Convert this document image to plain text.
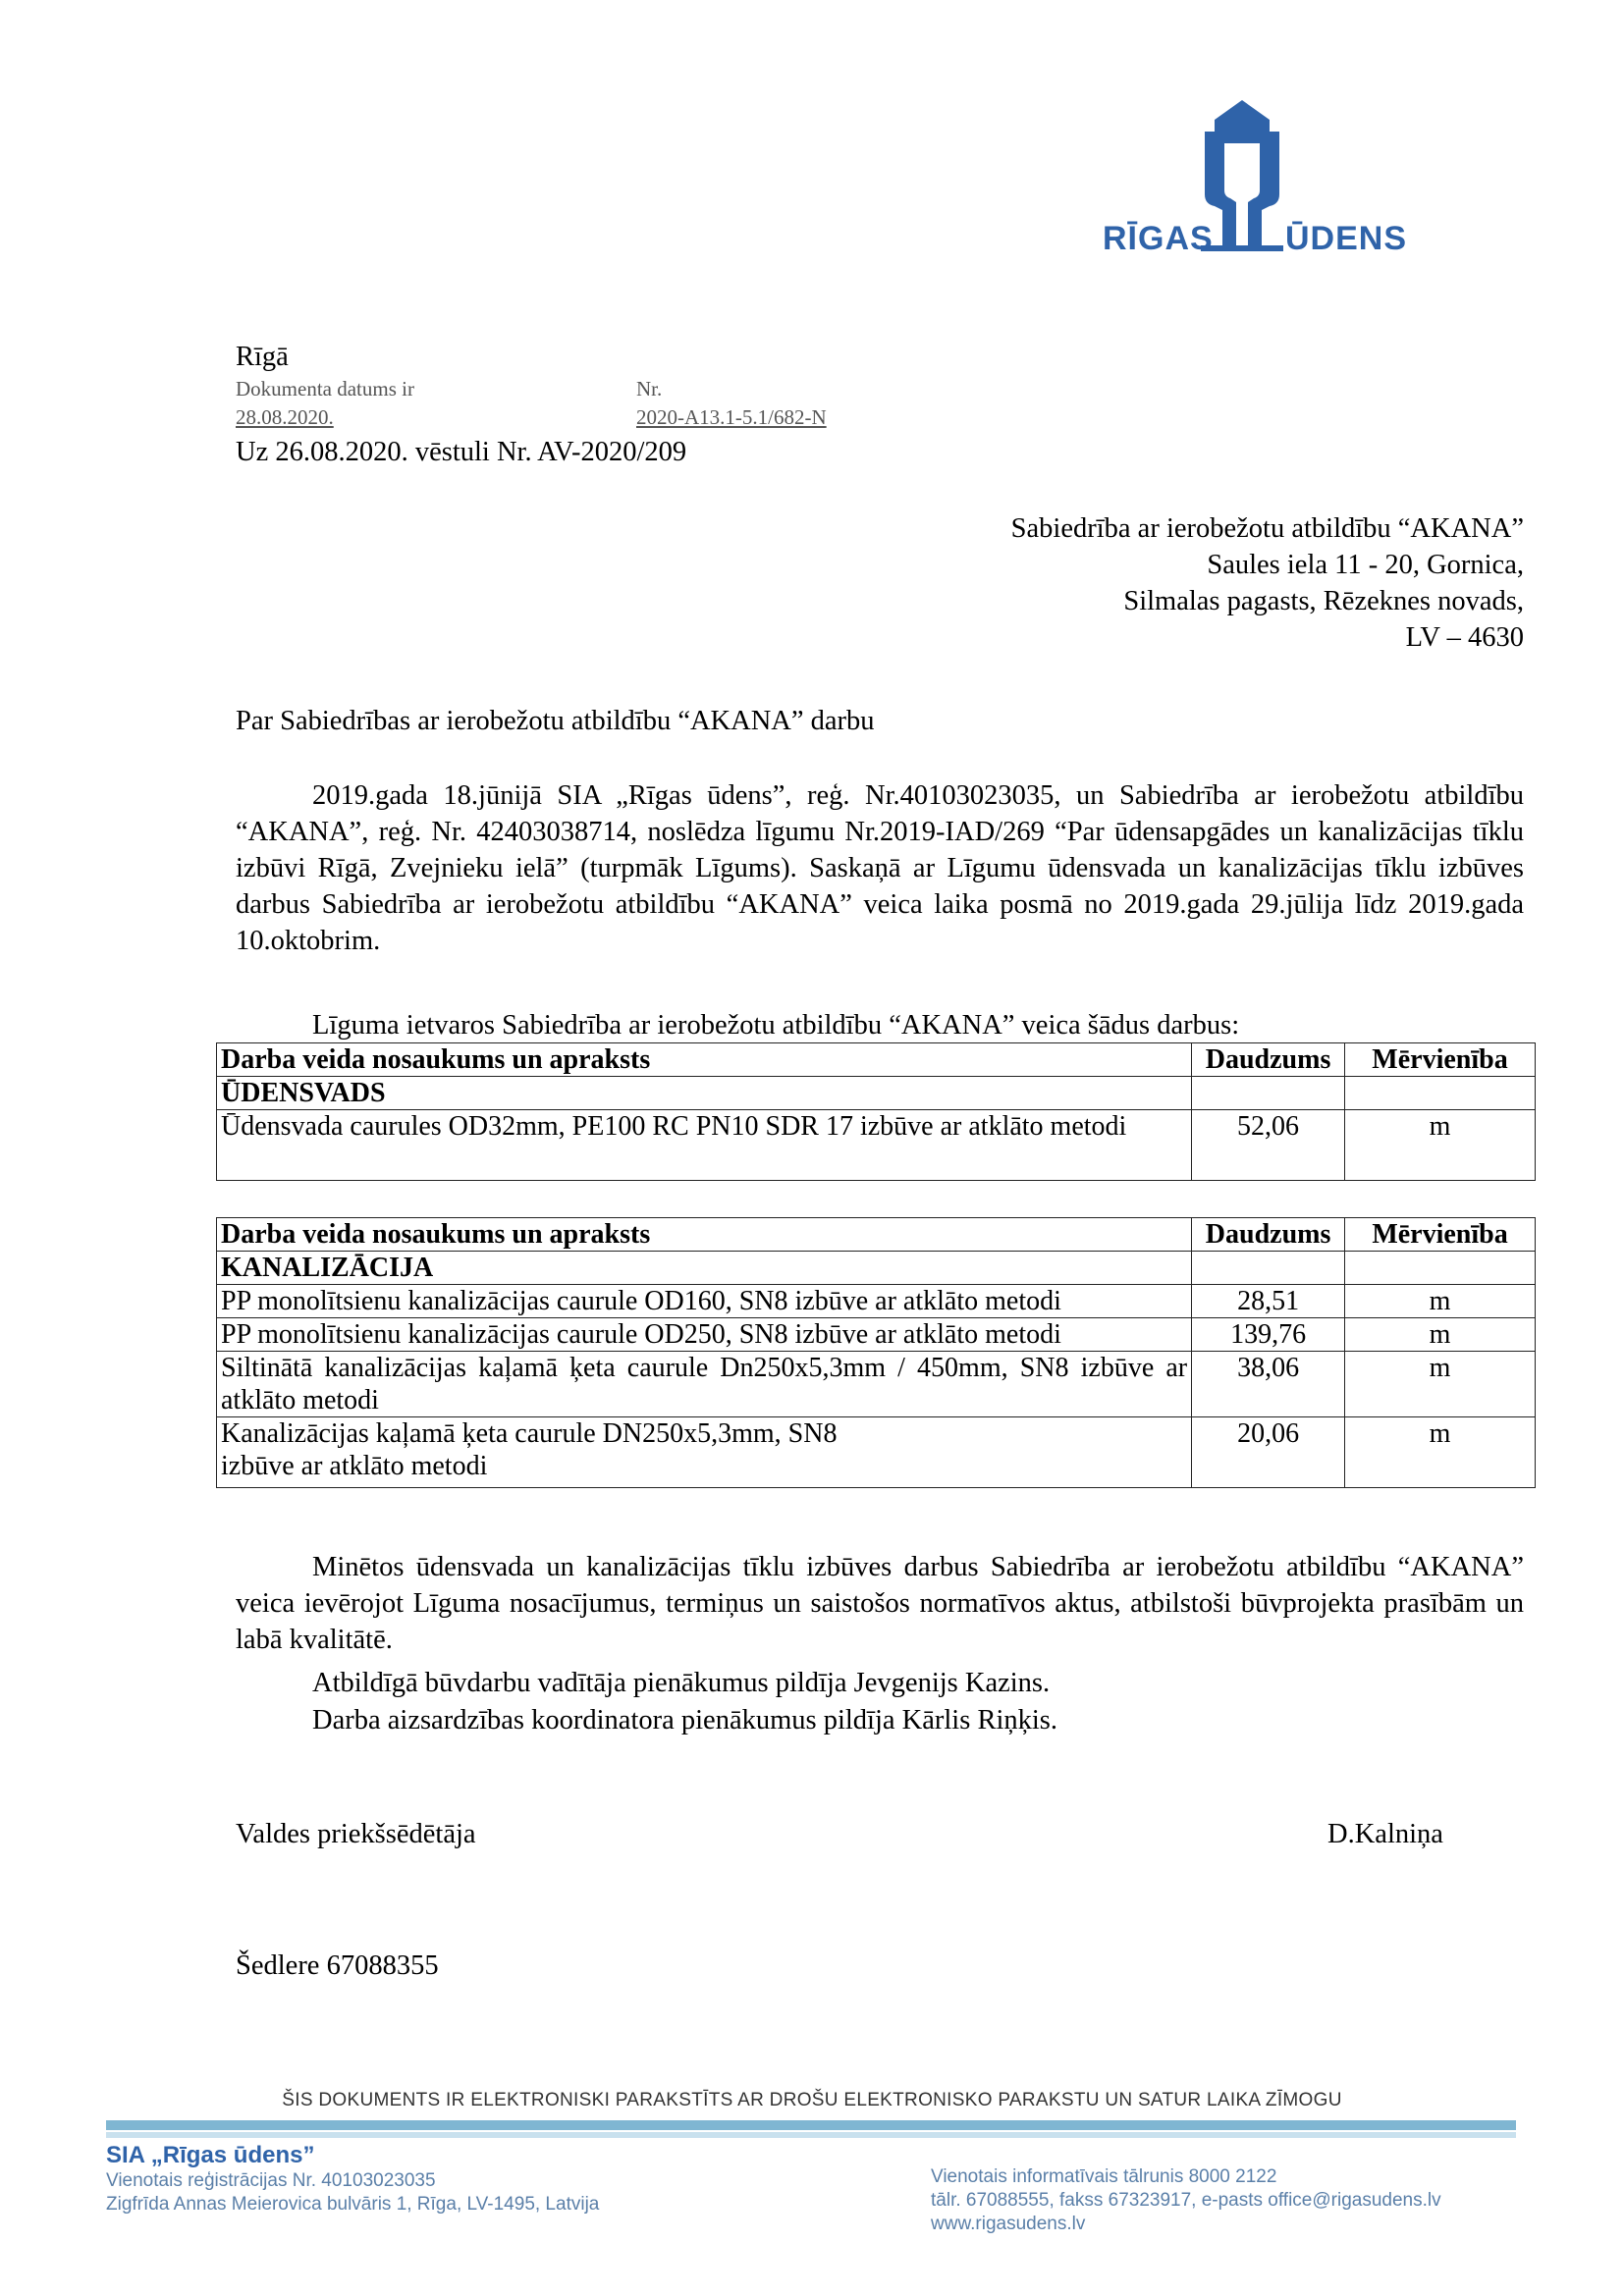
RĪGAS ŪDENS
Rīgā
Dokumenta datums ir
28.08.2020.
Nr.
2020-A13.1-5.1/682-N
Uz 26.08.2020. vēstuli Nr. AV-2020/209
Sabiedrība ar ierobežotu atbildību “AKANA”
Saules iela 11 - 20, Gornica,
Silmalas pagasts, Rēzeknes novads,
LV – 4630
Par Sabiedrības ar ierobežotu atbildību “AKANA” darbu
2019.gada 18.jūnijā SIA „Rīgas ūdens”, reģ. Nr.40103023035, un Sabiedrība ar ierobežotu atbildību “AKANA”, reģ. Nr. 42403038714, noslēdza līgumu Nr.2019-IAD/269 “Par ūdensapgādes un kanalizācijas tīklu izbūvi Rīgā, Zvejnieku ielā” (turpmāk Līgums). Saskaņā ar Līgumu ūdensvada un kanalizācijas tīklu izbūves darbus Sabiedrība ar ierobežotu atbildību “AKANA” veica laika posmā no 2019.gada 29.jūlija līdz 2019.gada 10.oktobrim.
Līguma ietvaros Sabiedrība ar ierobežotu atbildību “AKANA” veica šādus darbus:
Darba veida nosaukums un apraksts	Daudzums	Mērvienība
ŪDENSVADS		
Ūdensvada caurules OD32mm, PE100 RC PN10 SDR 17 izbūve ar atklāto metodi	52,06	m
Darba veida nosaukums un apraksts	Daudzums	Mērvienība
KANALIZĀCIJA		
PP monolītsienu kanalizācijas caurule OD160, SN8 izbūve ar atklāto metodi	28,51	m
PP monolītsienu kanalizācijas caurule OD250, SN8 izbūve ar atklāto metodi	139,76	m
Siltinātā kanalizācijas kaļamā ķeta caurule Dn250x5,3mm / 450mm, SN8 izbūve ar atklāto metodi	38,06	m
Kanalizācijas kaļamā ķeta caurule DN250x5,3mm, SN8 izbūve ar atklāto metodi	20,06	m
Minētos ūdensvada un kanalizācijas tīklu izbūves darbus Sabiedrība ar ierobežotu atbildību “AKANA” veica ievērojot Līguma nosacījumus, termiņus un saistošos normatīvos aktus, atbilstoši būvprojekta prasībām un labā kvalitātē.
Atbildīgā būvdarbu vadītāja pienākumus pildīja Jevgenijs Kazins.
Darba aizsardzības koordinatora pienākumus pildīja Kārlis Riņķis.
Valdes priekšsēdētāja	D.Kalniņa
Šedlere 67088355
ŠIS DOKUMENTS IR ELEKTRONISKI PARAKSTĪTS AR DROŠU ELEKTRONISKO PARAKSTU UN SATUR LAIKA ZĪMOGU
SIA „Rīgas ūdens”
Vienotais reģistrācijas Nr. 40103023035
Zigfrīda Annas Meierovica bulvāris 1, Rīga, LV-1495, Latvija
Vienotais informatīvais tālrunis 8000 2122
tālr. 67088555, fakss 67323917, e-pasts office@rigasudens.lv
www.rigasudens.lv
